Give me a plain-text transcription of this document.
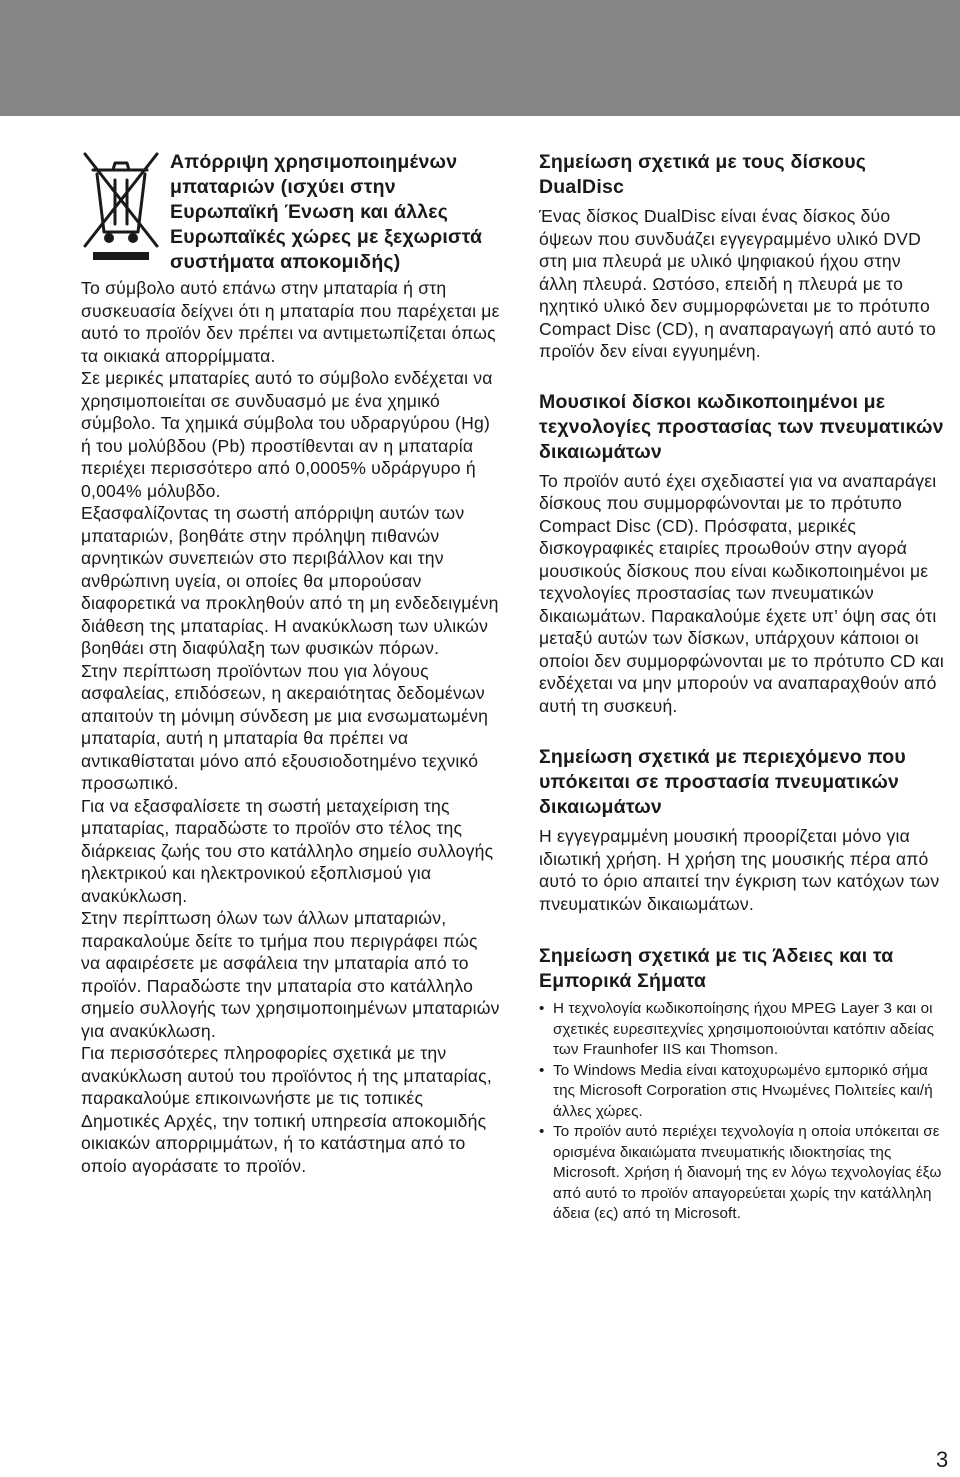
Απόρριψη χρησιμοποιημένων μπαταριών (ισχύει στην Ευρωπαϊκή Ένωση και άλλες Ευρωπαϊκές χώρες με ξεχωριστά συστήματα αποκομιδής)

Το σύμβολο αυτό επάνω στην μπαταρία ή στη συσκευασία δείχνει ότι η μπαταρία που παρέχεται με αυτό το προϊόν δεν πρέπει να αντιμετωπίζεται όπως τα οικιακά απορρίμματα.

Σε μερικές μπαταρίες αυτό το σύμβολο ενδέχεται να χρησιμοποιείται σε συνδυασμό με ένα χημικό σύμβολο. Τα χημικά σύμβολα του υδραργύρου (Hg) ή του μολύβδου (Pb) προστίθενται αν η μπαταρία περιέχει περισσότερο από 0,0005% υδράργυρο ή 0,004% μόλυβδο.

Εξασφαλίζοντας τη σωστή απόρριψη αυτών των μπαταριών, βοηθάτε στην πρόληψη πιθανών αρνητικών συνεπειών στο περιβάλλον και την ανθρώπινη υγεία, οι οποίες θα μπορούσαν διαφορετικά να προκληθούν από τη μη ενδεδειγμένη διάθεση της μπαταρίας. Η ανακύκλωση των υλικών βοηθάει στη διαφύλαξη των φυσικών πόρων.

Στην περίπτωση προϊόντων που για λόγους ασφαλείας, επιδόσεων, η ακεραιότητας δεδομένων απαιτούν τη μόνιμη σύνδεση με μια ενσωματωμένη μπαταρία, αυτή η μπαταρία θα πρέπει να αντικαθίσταται μόνο από εξουσιοδοτημένο τεχνικό προσωπικό.

Για να εξασφαλίσετε τη σωστή μεταχείριση της μπαταρίας, παραδώστε το προϊόν στο τέλος της διάρκειας ζωής του στο κατάλληλο σημείο συλλογής ηλεκτρικού και ηλεκτρονικού εξοπλισμού για ανακύκλωση.

Στην περίπτωση όλων των άλλων μπαταριών, παρακαλούμε δείτε το τμήμα που περιγράφει πώς να αφαιρέσετε με ασφάλεια την μπαταρία από το προϊόν. Παραδώστε την μπαταρία στο κατάλληλο σημείο συλλογής των χρησιμοποιημένων μπαταριών για ανακύκλωση.

Για περισσότερες πληροφορίες σχετικά με την ανακύκλωση αυτού του προϊόντος ή της μπαταρίας, παρακαλούμε επικοινωνήστε με τις τοπικές Δημοτικές Αρχές, την τοπική υπηρεσία αποκομιδής οικιακών απορριμμάτων, ή το κατάστημα από το οποίο αγοράσατε το προϊόν.

Σημείωση σχετικά με τους δίσκους DualDisc

Ένας δίσκος DualDisc είναι ένας δίσκος δύο όψεων που συνδυάζει εγγεγραμμένο υλικό DVD στη μια πλευρά με υλικό ψηφιακού ήχου στην άλλη πλευρά. Ωστόσο, επειδή η πλευρά με το ηχητικό υλικό δεν συμμορφώνεται με το πρότυπο Compact Disc (CD), η αναπαραγωγή από αυτό το προϊόν δεν είναι εγγυημένη.

Μουσικοί δίσκοι κωδικοποιημένοι με τεχνολογίες προστασίας των πνευματικών δικαιωμάτων

Το προϊόν αυτό έχει σχεδιαστεί για να αναπαράγει δίσκους που συμμορφώνονται με το πρότυπο Compact Disc (CD). Πρόσφατα, μερικές δισκογραφικές εταιρίες προωθούν στην αγορά μουσικούς δίσκους που είναι κωδικοποιημένοι με τεχνολογίες προστασίας των πνευματικών δικαιωμάτων. Παρακαλούμε έχετε υπ’ όψη σας ότι μεταξύ αυτών των δίσκων, υπάρχουν κάποιοι οι οποίοι δεν συμμορφώνονται με το πρότυπο CD και ενδέχεται να μην μπορούν να αναπαραχθούν από αυτή τη συσκευή.

Σημείωση σχετικά με περιεχόμενο που υπόκειται σε προστασία πνευματικών δικαιωμάτων

Η εγγεγραμμένη μουσική προορίζεται μόνο για ιδιωτική χρήση. Η χρήση της μουσικής πέρα από αυτό το όριο απαιτεί την έγκριση των κατόχων των πνευματικών δικαιωμάτων.

Σημείωση σχετικά με τις Άδειες και τα Εμπορικά Σήματα
• Η τεχνολογία κωδικοποίησης ήχου MPEG Layer 3 και οι σχετικές ευρεσιτεχνίες χρησιμοποιούνται κατόπιν αδείας των Fraunhofer IIS και Thomson.
• Το Windows Media είναι κατοχυρωμένο εμπορικό σήμα της Microsoft Corporation στις Ηνωμένες Πολιτείες και/ή άλλες χώρες.
• Το προϊόν αυτό περιέχει τεχνολογία η οποία υπόκειται σε ορισμένα δικαιώματα πνευματικής ιδιοκτησίας της Microsoft. Χρήση ή διανομή της εν λόγω τεχνολογίας έξω από αυτό το προϊόν απαγορεύεται χωρίς την κατάλληλη άδεια (ες) από τη Microsoft.
3
